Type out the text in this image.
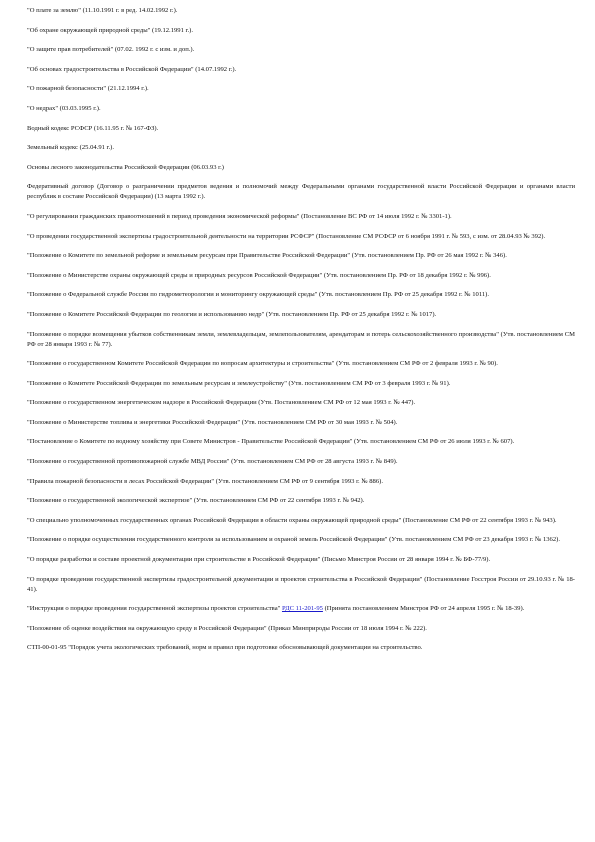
"О плате за землю" (11.10.1991 г. в ред. 14.02.1992 г.).

"Об охране окружающей природной среды" (19.12.1991 г.).

"О защите прав потребителей" (07.02. 1992 г. с изм. и доп.).

"Об основах градостроительства в Российской Федерации" (14.07.1992 г.).

"О пожарной безопасности" (21.12.1994 г.).

"О недрах" (03.03.1995 г.).

Водный кодекс РСФСР (16.11.95 г. № 167-ФЗ).

Земельный кодекс (25.04.91 г.).

Основы лесного законодательства Российской Федерации (06.03.93 г.)

Федеративный договор (Договор о разграничении предметов ведения и полномочий между Федеральными органами государственной власти Российской Федерации и органами власти республик в составе Российской Федерации) (13 марта 1992 г.).

"О регулировании гражданских правоотношений в период проведения экономической реформы" (Постановление ВС РФ от 14 июля 1992 г. № 3301-1).

"О проведении государственной экспертизы градостроительной деятельности на территории РСФСР" (Постановление СМ РСФСР от 6 ноября 1991 г. № 593, с изм. от 28.04.93 № 392).

"Положение о Комитете по земельной реформе и земельным ресурсам при Правительстве Российской Федерации" (Утв. постановлением Пр. РФ от 26 мая 1992 г. № 346).

"Положение о Министерстве охраны окружающей среды и природных ресурсов Российской Федерации" (Утв. постановлением Пр. РФ от 18 декабря 1992 г. № 996).

"Положение о Федеральной службе России по гидрометеорологии и мониторингу окружающей среды" (Утв. постановлением Пр. РФ от 25 декабря 1992 г. № 1011).

"Положение о Комитете Российской Федерации по геологии и использованию недр" (Утв. постановлением Пр. РФ от 25 декабря 1992 г. № 1017).

"Положение о порядке возмещения убытков собственникам земли, землевладельцам, землепользователям, арендаторам и потерь сельскохозяйственного производства" (Утв. постановлением СМ РФ от 28 января 1993 г. № 77).

"Положение о государственном Комитете Российской Федерации по вопросам архитектуры и строительства" (Утв. постановлением СМ РФ от 2 февраля 1993 г. № 90).

"Положение о Комитете Российской Федерации по земельным ресурсам и землеустройству" (Утв. постановлением СМ РФ от 3 февраля 1993 г. № 91).

"Положение о государственном энергетическом надзоре в Российской Федерации (Утв. Постановлением СМ РФ от 12 мая 1993 г. № 447).

"Положение о Министерстве топлива и энергетики Российской Федерации" (Утв. постановлением СМ РФ от 30 мая 1993 г. № 504).

"Постановление о Комитете по водному хозяйству при Совете Министров - Правительстве Российской Федерации" (Утв. постановлением СМ РФ от 26 июля 1993 г. № 607).

"Положение о государственной противопожарной службе МВД России" (Утв. постановлением СМ РФ от 28 августа 1993 г. № 849).

"Правила пожарной безопасности в лесах Российской Федерации" (Утв. постановлением СМ РФ от 9 сентября 1993 г. № 886).

"Положение о государственной экологической экспертизе" (Утв. постановлением СМ РФ от 22 сентября 1993 г. № 942).

"О специально уполномоченных государственных органах Российской Федерации в области охраны окружающей природной среды" (Постановление СМ РФ от 22 сентября 1993 г. № 943).

"Положение о порядке осуществления государственного контроля за использованием и охраной земель Российской Федерации" (Утв. постановлением СМ РФ от 23 декабря 1993 г. № 1362).

"О порядке разработки и составе проектной документации при строительстве в Российской Федерации" (Письмо Минстроя России от 28 января 1994 г. № БФ-77/9).

"О порядке проведения государственной экспертизы градостроительной документации и проектов строительства в Российской Федерации" (Постановление Госстроя России от 29.10.93 г. № 18-41).

"Инструкция о порядке проведения государственной экспертизы проектов строительства" РДС 11-201-95 (Принята постановлением Минстроя РФ от 24 апреля 1995 г. № 18-39).

"Положение об оценке воздействия на окружающую среду в Российской Федерации" (Приказ Минприроды России от 18 июля 1994 г. № 222).

СТП-00-01-95 "Порядок учета экологических требований, норм и правил при подготовке обосновывающей документации на строительство.
